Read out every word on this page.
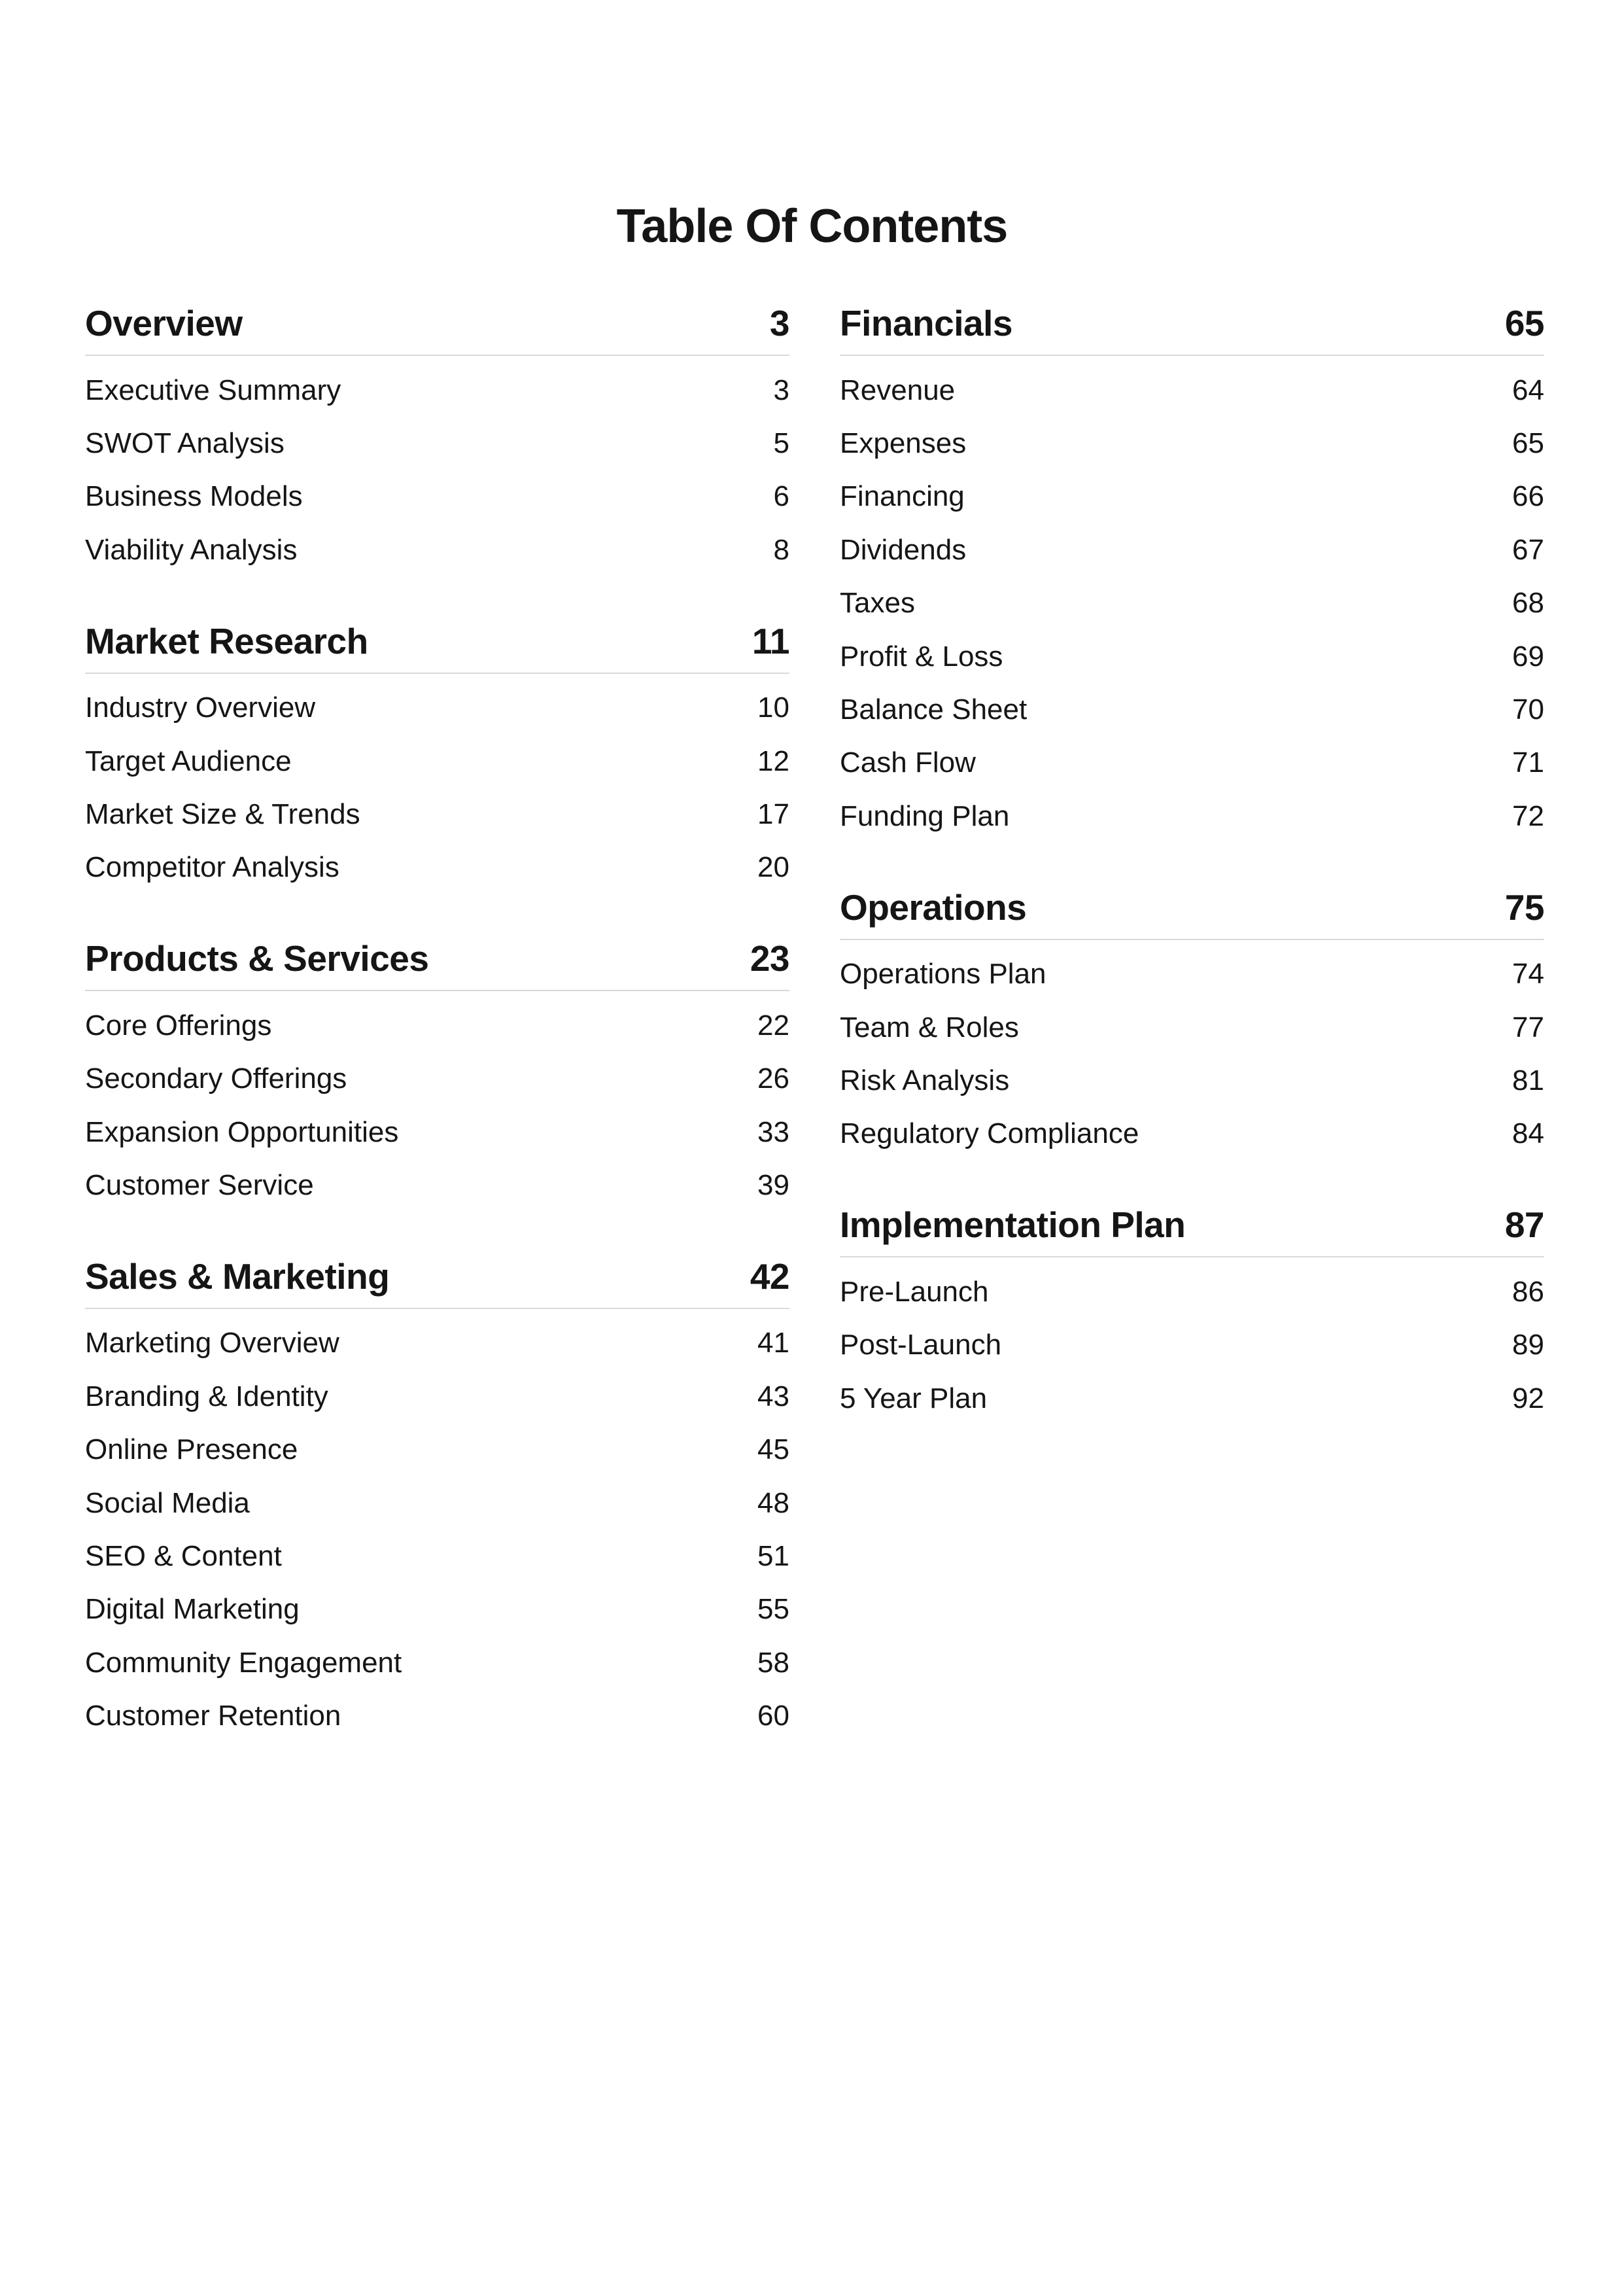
Table Of Contents
Overview	3
Executive Summary	3
SWOT Analysis	5
Business Models	6
Viability Analysis	8
Market Research	11
Industry Overview	10
Target Audience	12
Market Size & Trends	17
Competitor Analysis	20
Products & Services	23
Core Offerings	22
Secondary Offerings	26
Expansion Opportunities	33
Customer Service	39
Sales & Marketing	42
Marketing Overview	41
Branding & Identity	43
Online Presence	45
Social Media	48
SEO & Content	51
Digital Marketing	55
Community Engagement	58
Customer Retention	60
Financials	65
Revenue	64
Expenses	65
Financing	66
Dividends	67
Taxes	68
Profit & Loss	69
Balance Sheet	70
Cash Flow	71
Funding Plan	72
Operations	75
Operations Plan	74
Team & Roles	77
Risk Analysis	81
Regulatory Compliance	84
Implementation Plan	87
Pre-Launch	86
Post-Launch	89
5 Year Plan	92
